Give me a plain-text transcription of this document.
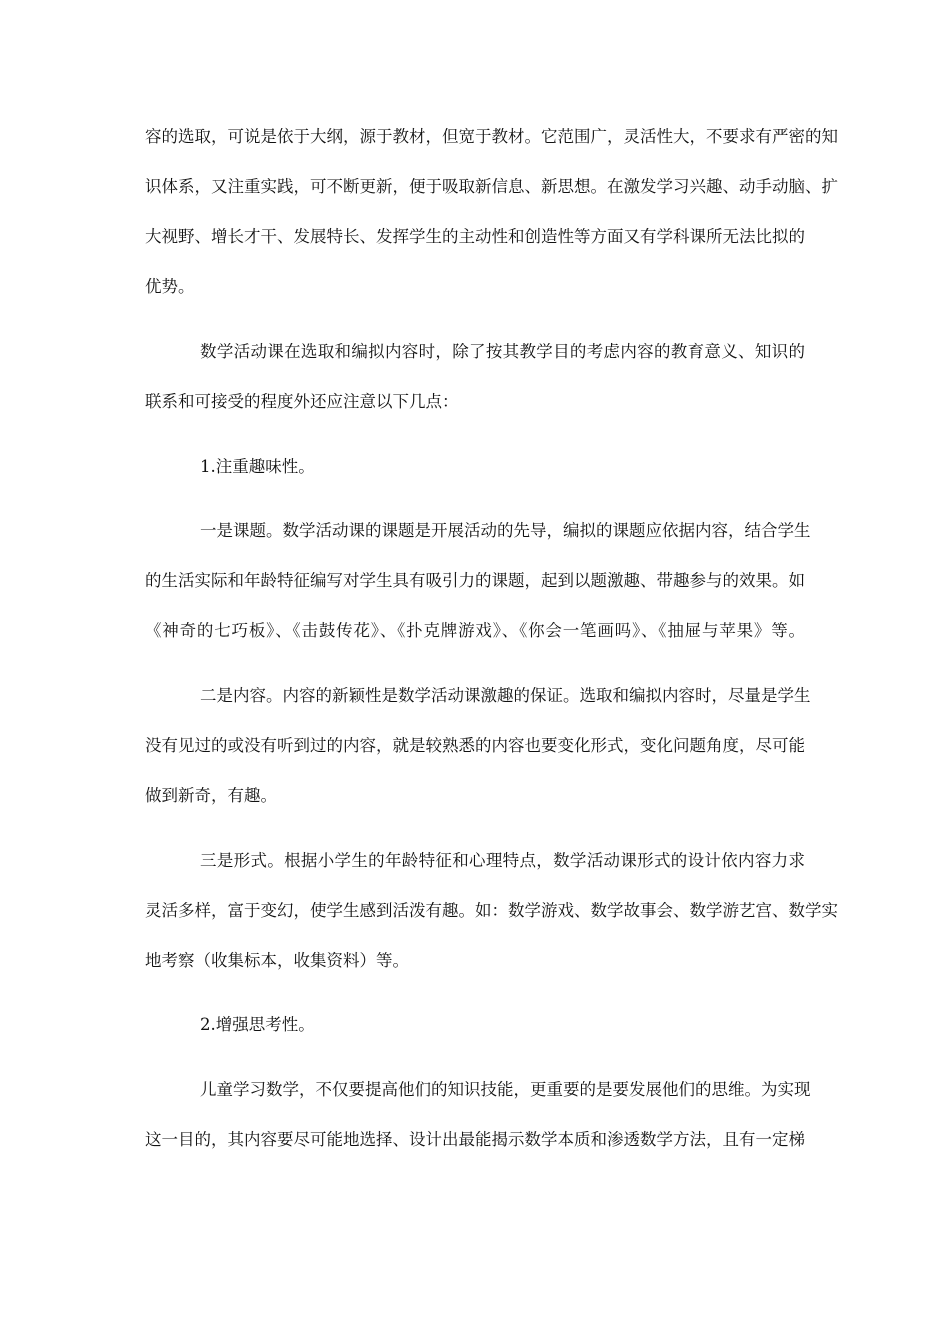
容的选取，可说是依于大纲，源于教材，但宽于教材。它范围广，灵活性大，不要求有严密的知
识体系，又注重实践，可不断更新，便于吸取新信息、新思想。在激发学习兴趣、动手动脑、扩
大视野、增长才干、发展特长、发挥学生的主动性和创造性等方面又有学科课所无法比拟的
优势。
数学活动课在选取和编拟内容时，除了按其教学目的考虑内容的教育意义、知识的
联系和可接受的程度外还应注意以下几点：
1.注重趣味性。
一是课题。数学活动课的课题是开展活动的先导，编拟的课题应依据内容，结合学生
的生活实际和年龄特征编写对学生具有吸引力的课题，起到以题激趣、带趣参与的效果。如
《神奇的七巧板》、《击鼓传花》、《扑克牌游戏》、《你会一笔画吗》、《抽屉与苹果》等。
二是内容。内容的新颖性是数学活动课激趣的保证。选取和编拟内容时，尽量是学生
没有见过的或没有听到过的内容，就是较熟悉的内容也要变化形式，变化问题角度，尽可能
做到新奇，有趣。
三是形式。根据小学生的年龄特征和心理特点，数学活动课形式的设计依内容力求
灵活多样，富于变幻，使学生感到活泼有趣。如：数学游戏、数学故事会、数学游艺宫、数学实
地考察（收集标本，收集资料）等。
2.增强思考性。
儿童学习数学，不仅要提高他们的知识技能，更重要的是要发展他们的思维。为实现
这一目的，其内容要尽可能地选择、设计出最能揭示数学本质和渗透数学方法，且有一定梯
